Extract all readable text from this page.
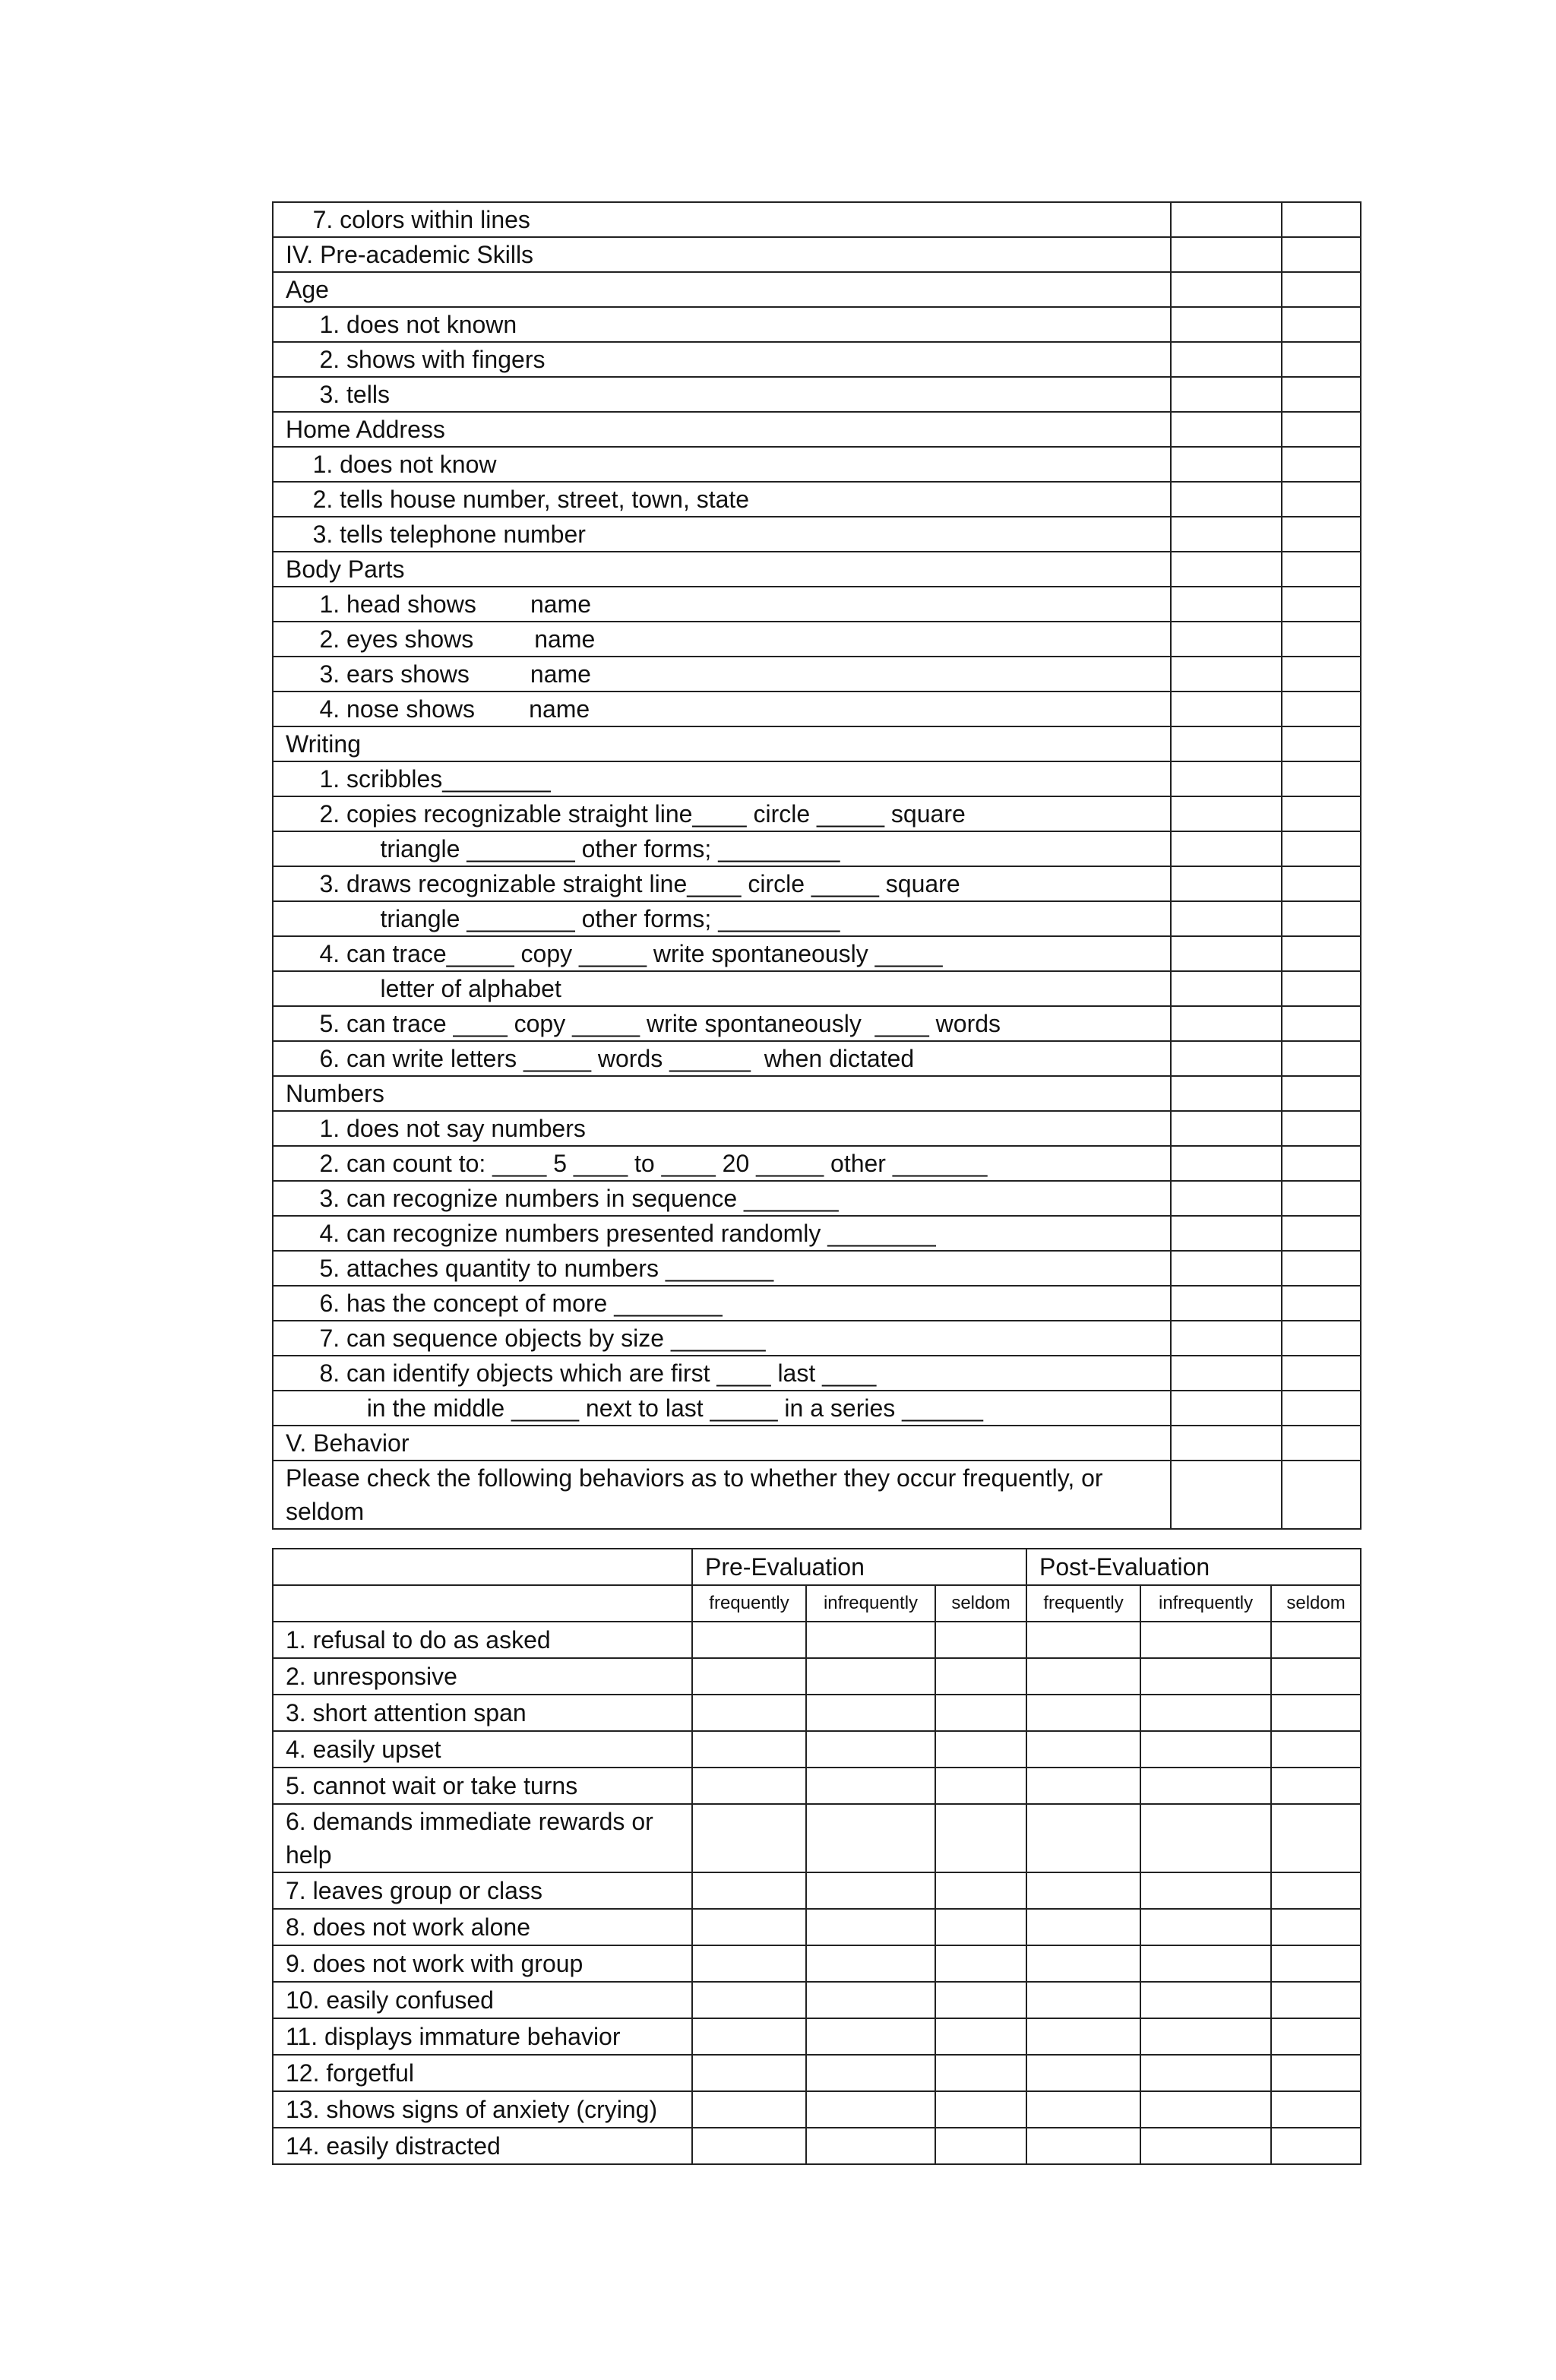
7. colors within lines		
IV. Pre-academic Skills		
Age		
1. does not known		
2. shows with fingers		
3. tells		
Home Address		
1. does not know		
2. tells house number, street, town, state		
3. tells telephone number		
Body Parts		
1. head shows        name		
2. eyes shows         name		
3. ears shows         name		
4. nose shows        name		
Writing		
1. scribbles________		
2. copies recognizable straight line____ circle _____ square		
triangle ________ other forms; _________		
3. draws recognizable straight line____ circle _____ square		
triangle ________ other forms; _________		
4. can trace_____ copy _____ write spontaneously _____		
letter of alphabet		
5. can trace ____ copy _____ write spontaneously  ____ words		
6. can write letters _____ words ______  when dictated		
Numbers		
1. does not say numbers		
2. can count to: ____ 5 ____ to ____ 20 _____ other _______		
3. can recognize numbers in sequence _______		
4. can recognize numbers presented randomly ________		
5. attaches quantity to numbers ________		
6. has the concept of more ________		
7. can sequence objects by size _______		
8. can identify objects which are first ____ last ____		
in the middle _____ next to last _____ in a series ______		
V. Behavior		
Please check the following behaviors as to whether they occur frequently, or seldom		
	Pre-Evaluation			Post-Evaluation		
	frequently	infrequently	seldom	frequently	infrequently	seldom
1. refusal to do as asked						
2. unresponsive						
3. short attention span						
4. easily upset						
5. cannot wait or take turns						
6. demands immediate rewards or help						
7. leaves group or class						
8. does not work alone						
9. does not work with group						
10. easily confused						
11. displays immature behavior						
12. forgetful						
13. shows signs of anxiety (crying)						
14. easily distracted						
